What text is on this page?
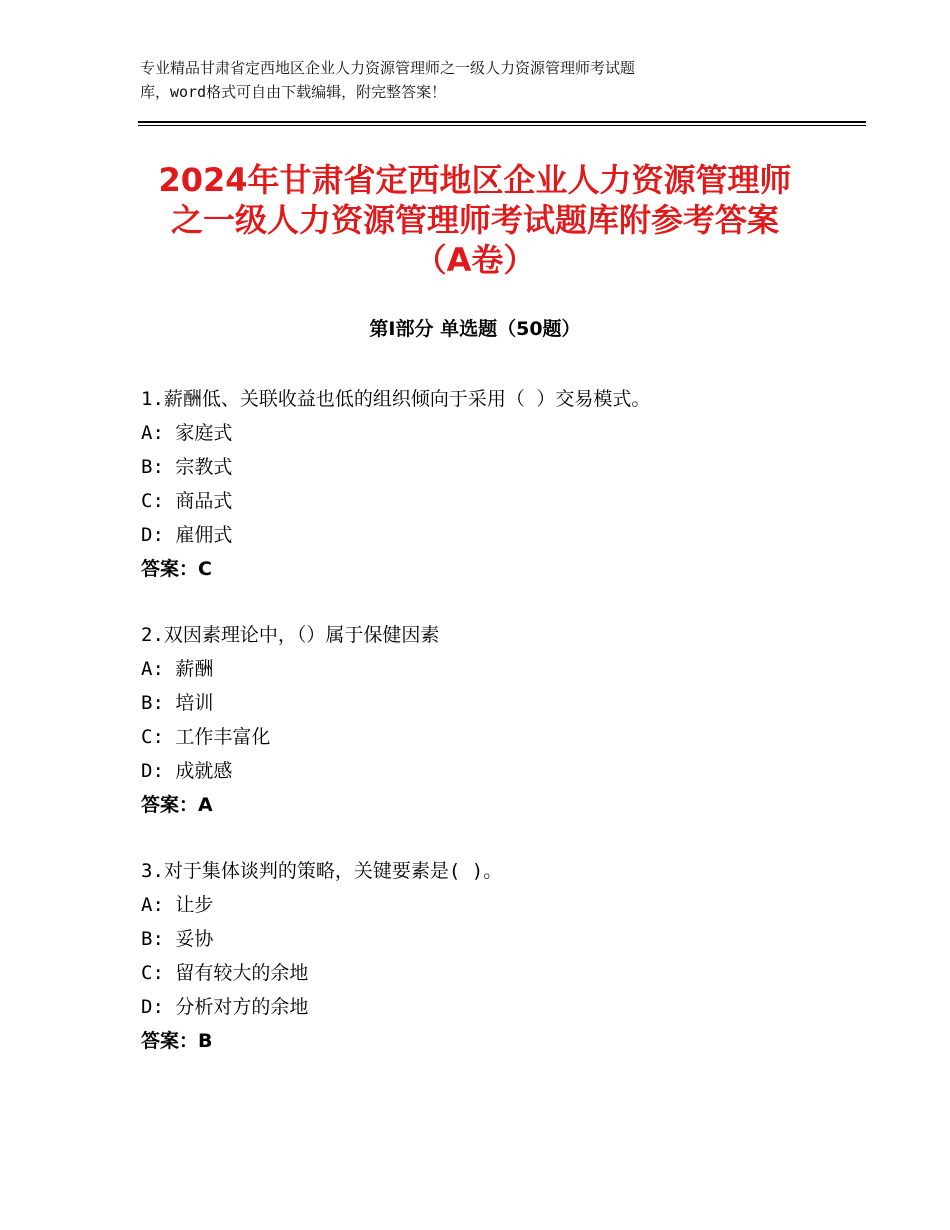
专业精品甘肃省定西地区企业人力资源管理师之一级人力资源管理师考试题
库，word格式可自由下载编辑，附完整答案！
2024年甘肃省定西地区企业人力资源管理师
之一级人力资源管理师考试题库附参考答案
（A卷）
第Ⅰ部分 单选题（50题）
1.薪酬低、关联收益也低的组织倾向于采用（ ）交易模式。
A: 家庭式
B: 宗教式
C: 商品式
D: 雇佣式
答案：C
2.双因素理论中，（）属于保健因素
A: 薪酬
B: 培训
C: 工作丰富化
D: 成就感
答案：A
3.对于集体谈判的策略，关键要素是( )。
A: 让步
B: 妥协
C: 留有较大的余地
D: 分析对方的余地
答案：B
